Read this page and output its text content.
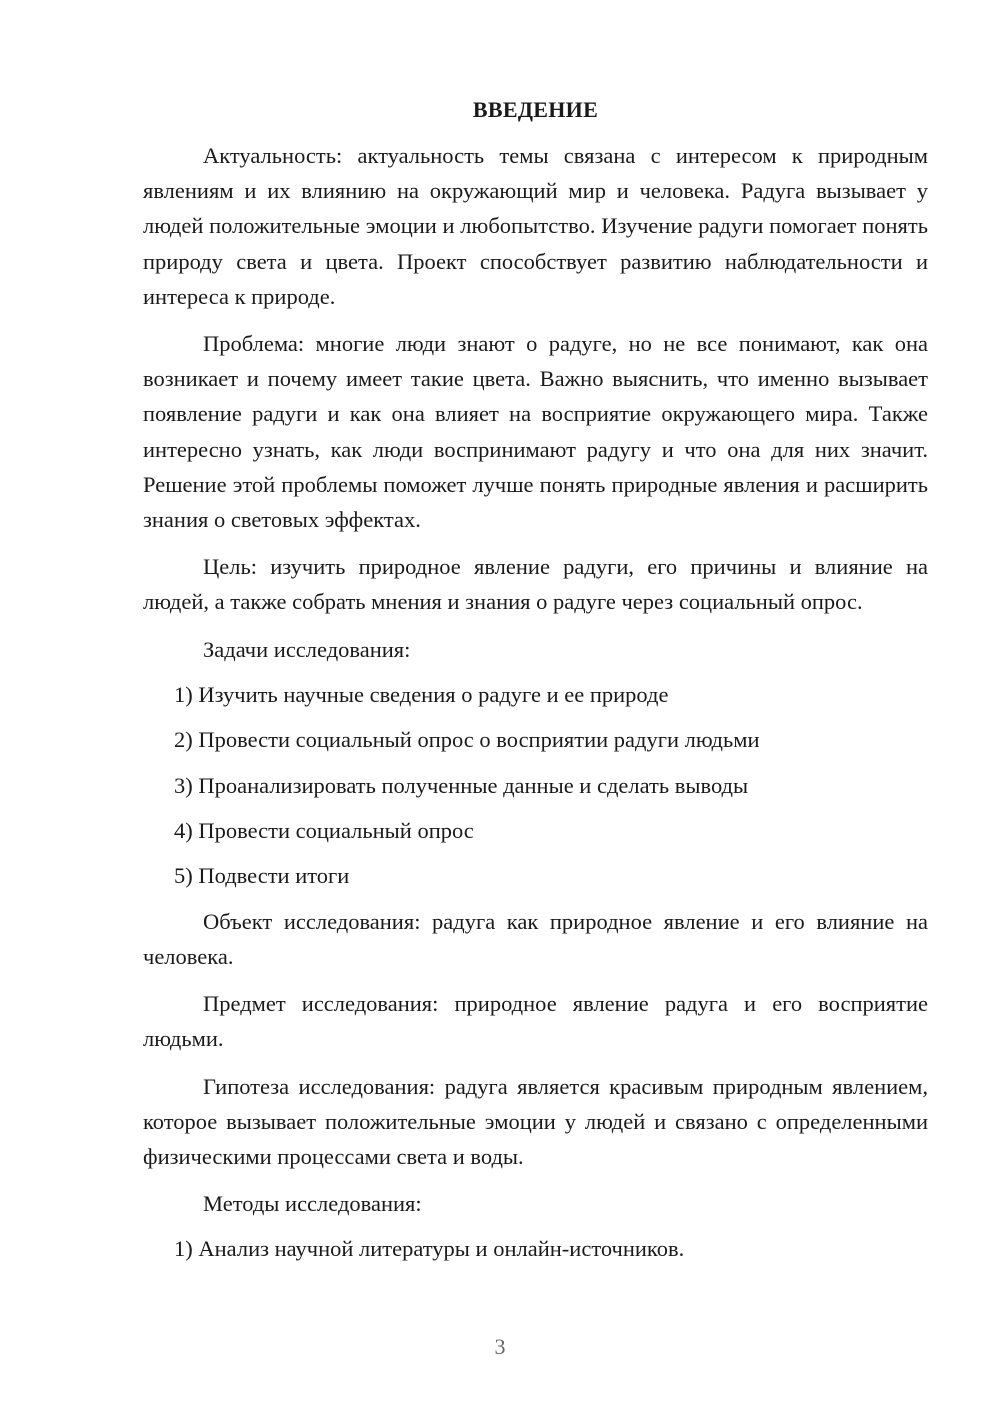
ВВЕДЕНИЕ

Актуальность: актуальность темы связана с интересом к природным явлениям и их влиянию на окружающий мир и человека. Радуга вызывает у людей положительные эмоции и любопытство. Изучение радуги помогает понять природу света и цвета. Проект способствует развитию наблюдательности и интереса к природе.

Проблема: многие люди знают о радуге, но не все понимают, как она возникает и почему имеет такие цвета. Важно выяснить, что именно вызывает появление радуги и как она влияет на восприятие окружающего мира. Также интересно узнать, как люди воспринимают радугу и что она для них значит. Решение этой проблемы поможет лучше понять природные явления и расширить знания о световых эффектах.

Цель: изучить природное явление радуги, его причины и влияние на людей, а также собрать мнения и знания о радуге через социальный опрос.

Задачи исследования:
1) Изучить научные сведения о радуге и ее природе
2) Провести социальный опрос о восприятии радуги людьми
3) Проанализировать полученные данные и сделать выводы
4) Провести социальный опрос
5) Подвести итоги

Объект исследования: радуга как природное явление и его влияние на человека.

Предмет исследования: природное явление радуга и его восприятие людьми.

Гипотеза исследования: радуга является красивым природным явлением, которое вызывает положительные эмоции у людей и связано с определенными физическими процессами света и воды.

Методы исследования:
1) Анализ научной литературы и онлайн-источников.
3
